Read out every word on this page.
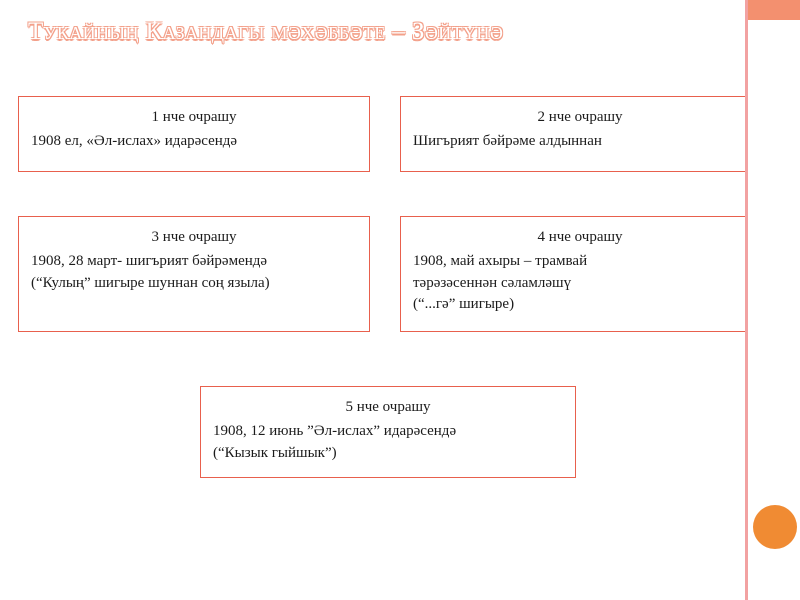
Тукайның Казандагы мәхәббәте – Зәйтүнә
1 нче очрашу
1908 ел, «Әл-ислах» идарәсендә
2 нче очрашу
Шигърият бәйрәме алдыннан
3 нче очрашу
1908, 28 март- шигърият бәйрәмендә
(“Кулың” шигыре шуннан соң языла)
4 нче очрашу
1908, май ахыры – трамвай
тәрәзәсеннән сәламләшү
(“...гә” шигыре)
5 нче очрашу
1908, 12 июнь ”Әл-ислах” идарәсендә
(“Кызык гыйшык”)
